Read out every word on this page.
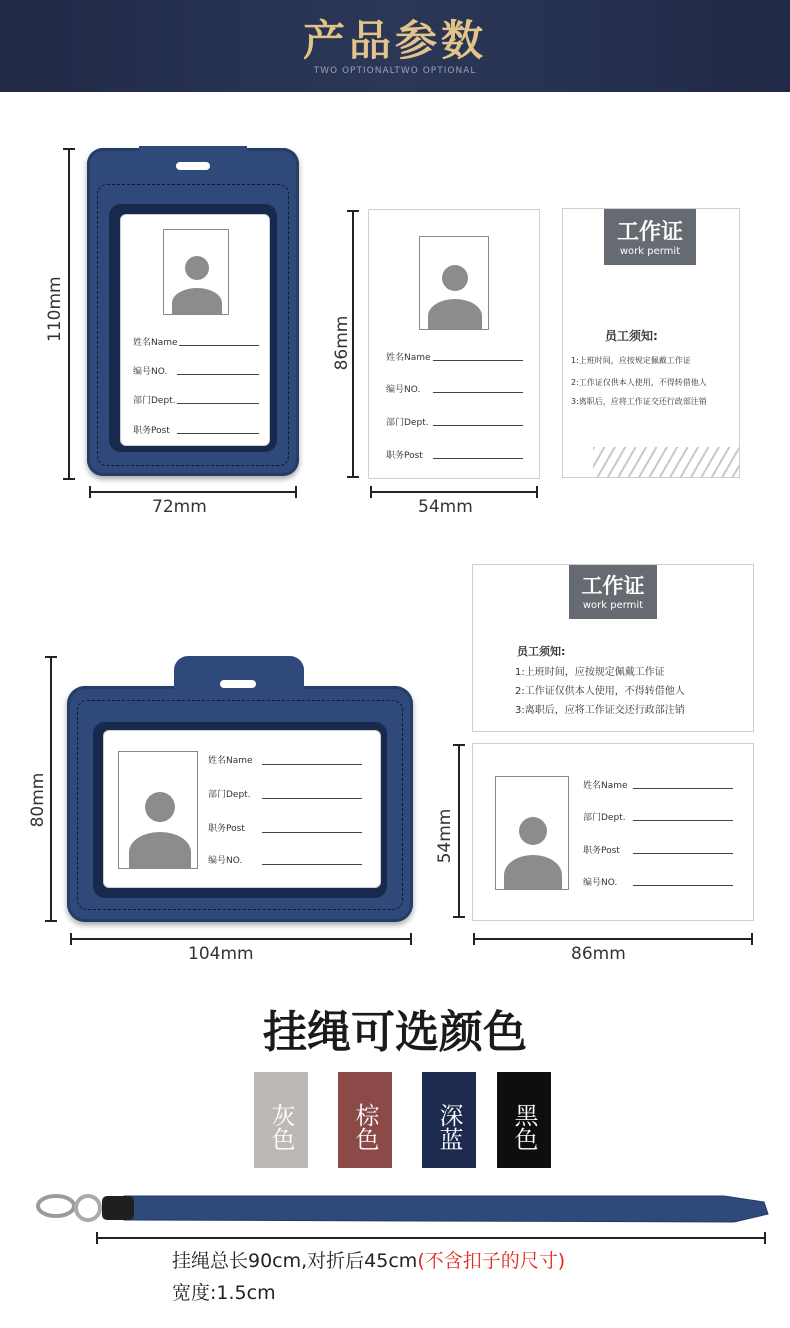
产品参数
TWO OPTIONALTWO OPTIONAL
110mm
姓名Name
编号NO.
部门Dept.
职务Post
72mm
86mm	姓名Name
编号NO.
部门Dept.
职务Post
54mm
工作证
work permit
员工须知:
1:上班时间，应按规定佩戴工作证
2:工作证仅供本人使用，不得转借他人
3:离职后，应将工作证交还行政部注销
80mm
姓名Name
部门Dept.
职务Post
编号NO.
104mm
工作证
work permit
员工须知:
1:上班时间，应按规定佩戴工作证
2:工作证仅供本人使用，不得转借他人
3:离职后，应将工作证交还行政部注销
54mm
姓名Name
部门Dept.
职务Post
编号NO.
86mm
挂绳可选颜色
灰色	棕色	深蓝	黑色
挂绳总长90cm,对折后45cm(不含扣子的尺寸)
宽度:1.5cm
